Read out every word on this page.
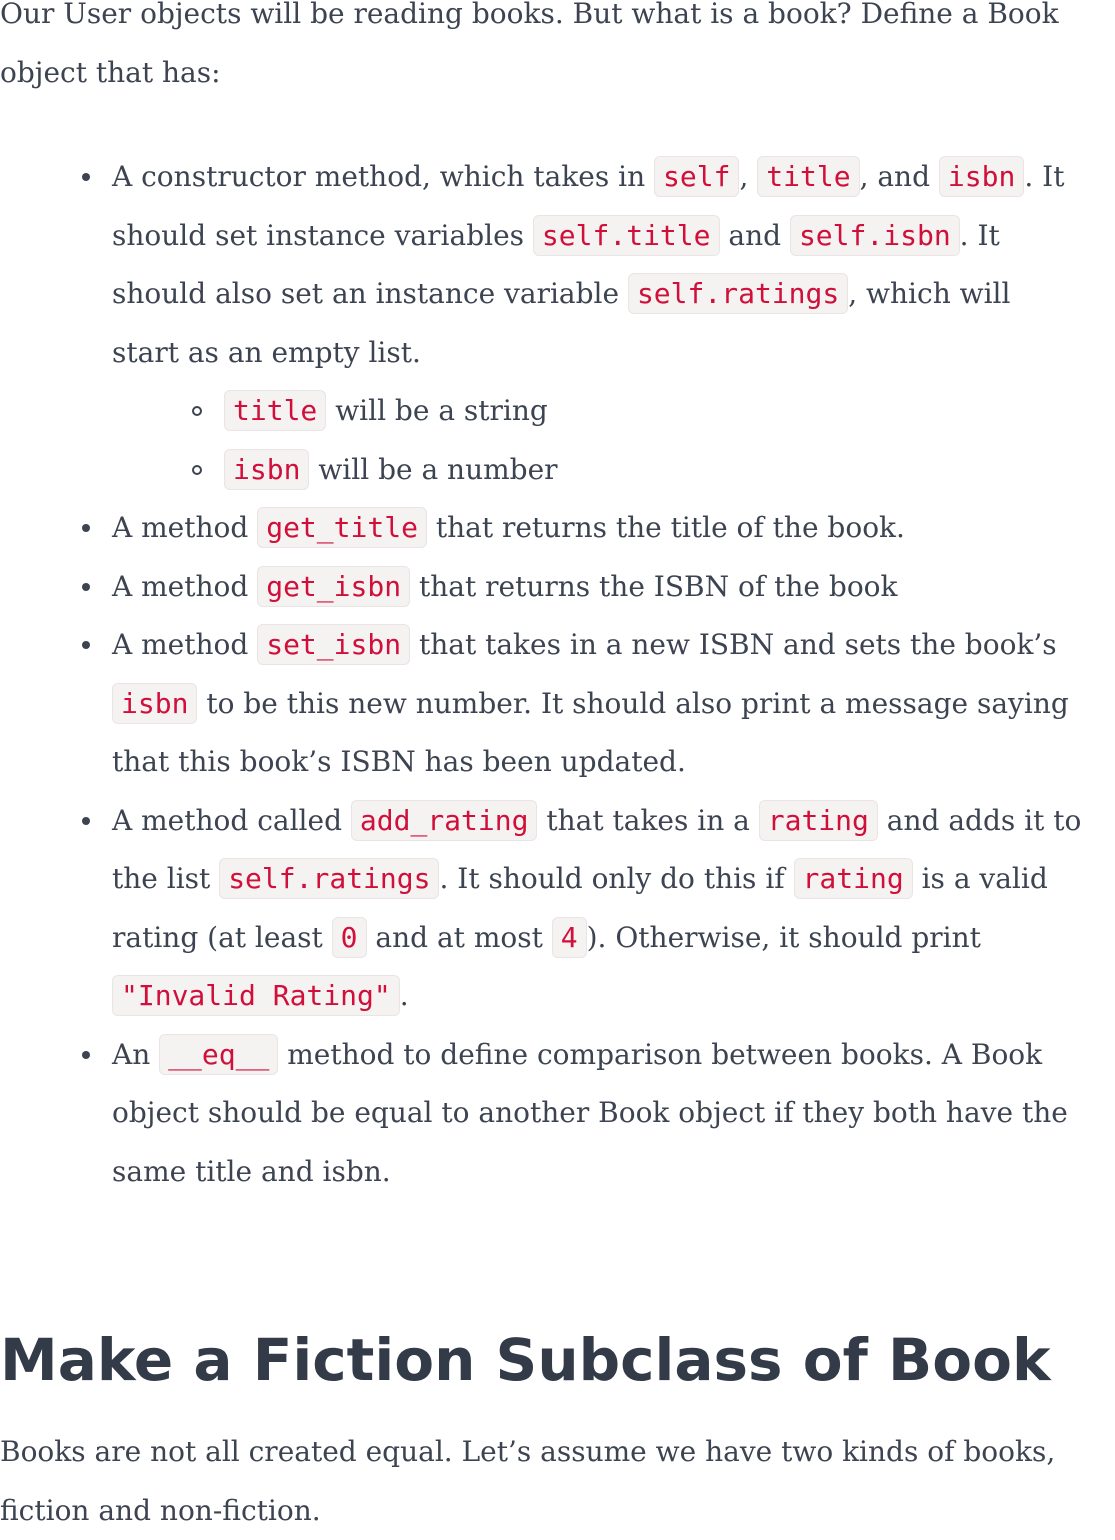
Our User objects will be reading books. But what is a book? Define a Book
object that has:

A constructor method, which takes in self , title , and isbn . It
should set instance variables self.title and self.isbn . It
should also set an instance variable self.ratings , which will
start as an empty list.
title will be a string
isbn will be a number
A method get_title that returns the title of the book.
A method get_isbn that returns the ISBN of the book
A method set_isbn that takes in a new ISBN and sets the book’s
isbn to be this new number. It should also print a message saying
that this book’s ISBN has been updated.
A method called add_rating that takes in a rating and adds it to
the list self.ratings . It should only do this if rating is a valid
rating (at least 0 and at most 4 ). Otherwise, it should print
"Invalid Rating" .
An __eq__ method to define comparison between books. A Book
object should be equal to another Book object if they both have the
same title and isbn.
Make a Fiction Subclass of Book

Books are not all created equal. Let’s assume we have two kinds of books,
fiction and non-fiction.
